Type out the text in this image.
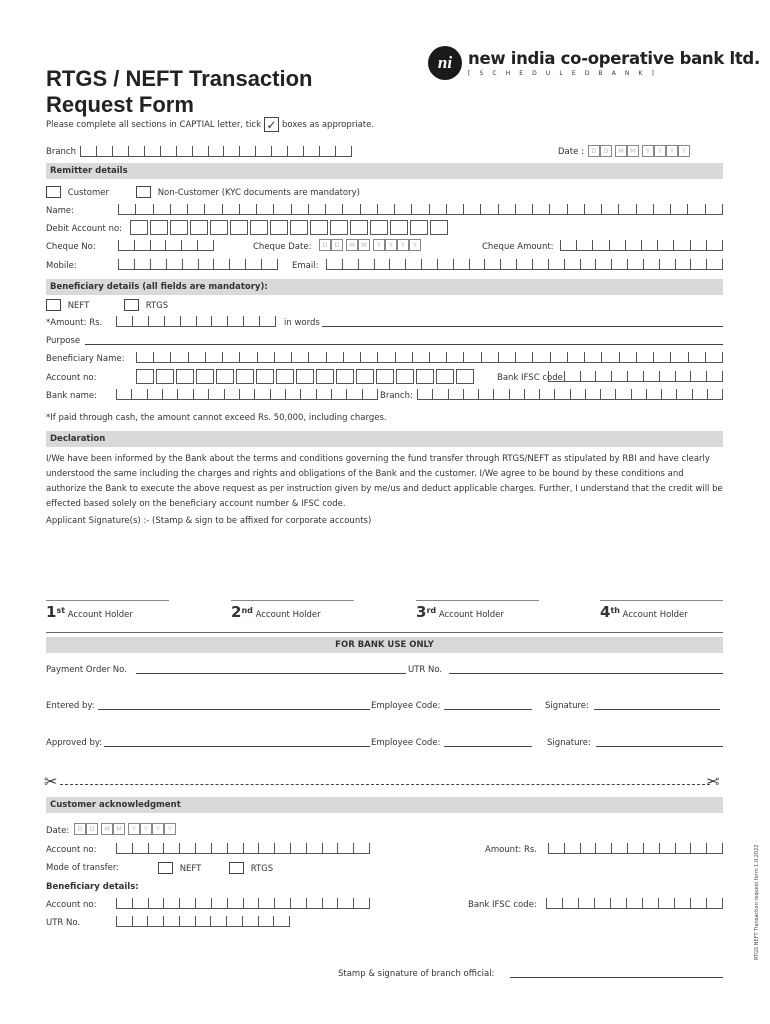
RTGS / NEFT Transaction
Request Form
Please complete all sections in CAPTIAL letter, tick ✓ boxes as appropriate.
ni new india co-operative bank ltd.
[ S C H E D U L E D B A N K ]
Branch	Date :	D	D	M M	Y	Y	Y	Y
Remitter details
Customer	Non-Customer (KYC documents are mandatory)
Name:
Debit Account no:
Cheque No:	Cheque Date:	D	D	M M	Y	Y	Y	Y	Cheque Amount:
Mobile:	Email:
Beneficiary details (all fields are mandatory):
NEFT	RTGS
*Amount: Rs.	in words
Purpose
Beneficiary Name:
Account no:	Bank IFSC code:
Bank name:	Branch:
*If paid through cash, the amount cannot exceed Rs. 50,000, including charges.
Declaration
I/We have been informed by the Bank about the terms and conditions governing the fund transfer through RTGS/NEFT as stipulated by RBI and have clearly understood the same including the charges and rights and obligations of the Bank and the customer. I/We agree to be bound by these conditions and authorize the Bank to execute the above request as per instruction given by me/us and deduct applicable charges. Further, I understand that the credit will be effected based solely on the beneficiary account number & IFSC code.
Applicant Signature(s) :- (Stamp & sign to be affixed for corporate accounts)
1st Account Holder	2nd Account Holder	3rd Account Holder	4th Account Holder
FOR BANK USE ONLY
Payment Order No.	UTR No.
Entered by:	Employee Code:	Signature:
Approved by:	Employee Code:	Signature:
✂	✂
Customer acknowledgment
Date:	D	D	M M	Y	Y	Y	Y
Account no:	Amount: Rs.
Mode of transfer:	NEFT	RTGS
Beneficiary details:
Account no:	Bank IFSC code:
UTR No.
Stamp & signature of branch official:
RTGS NEFT Transaction request form 1.0.2022
